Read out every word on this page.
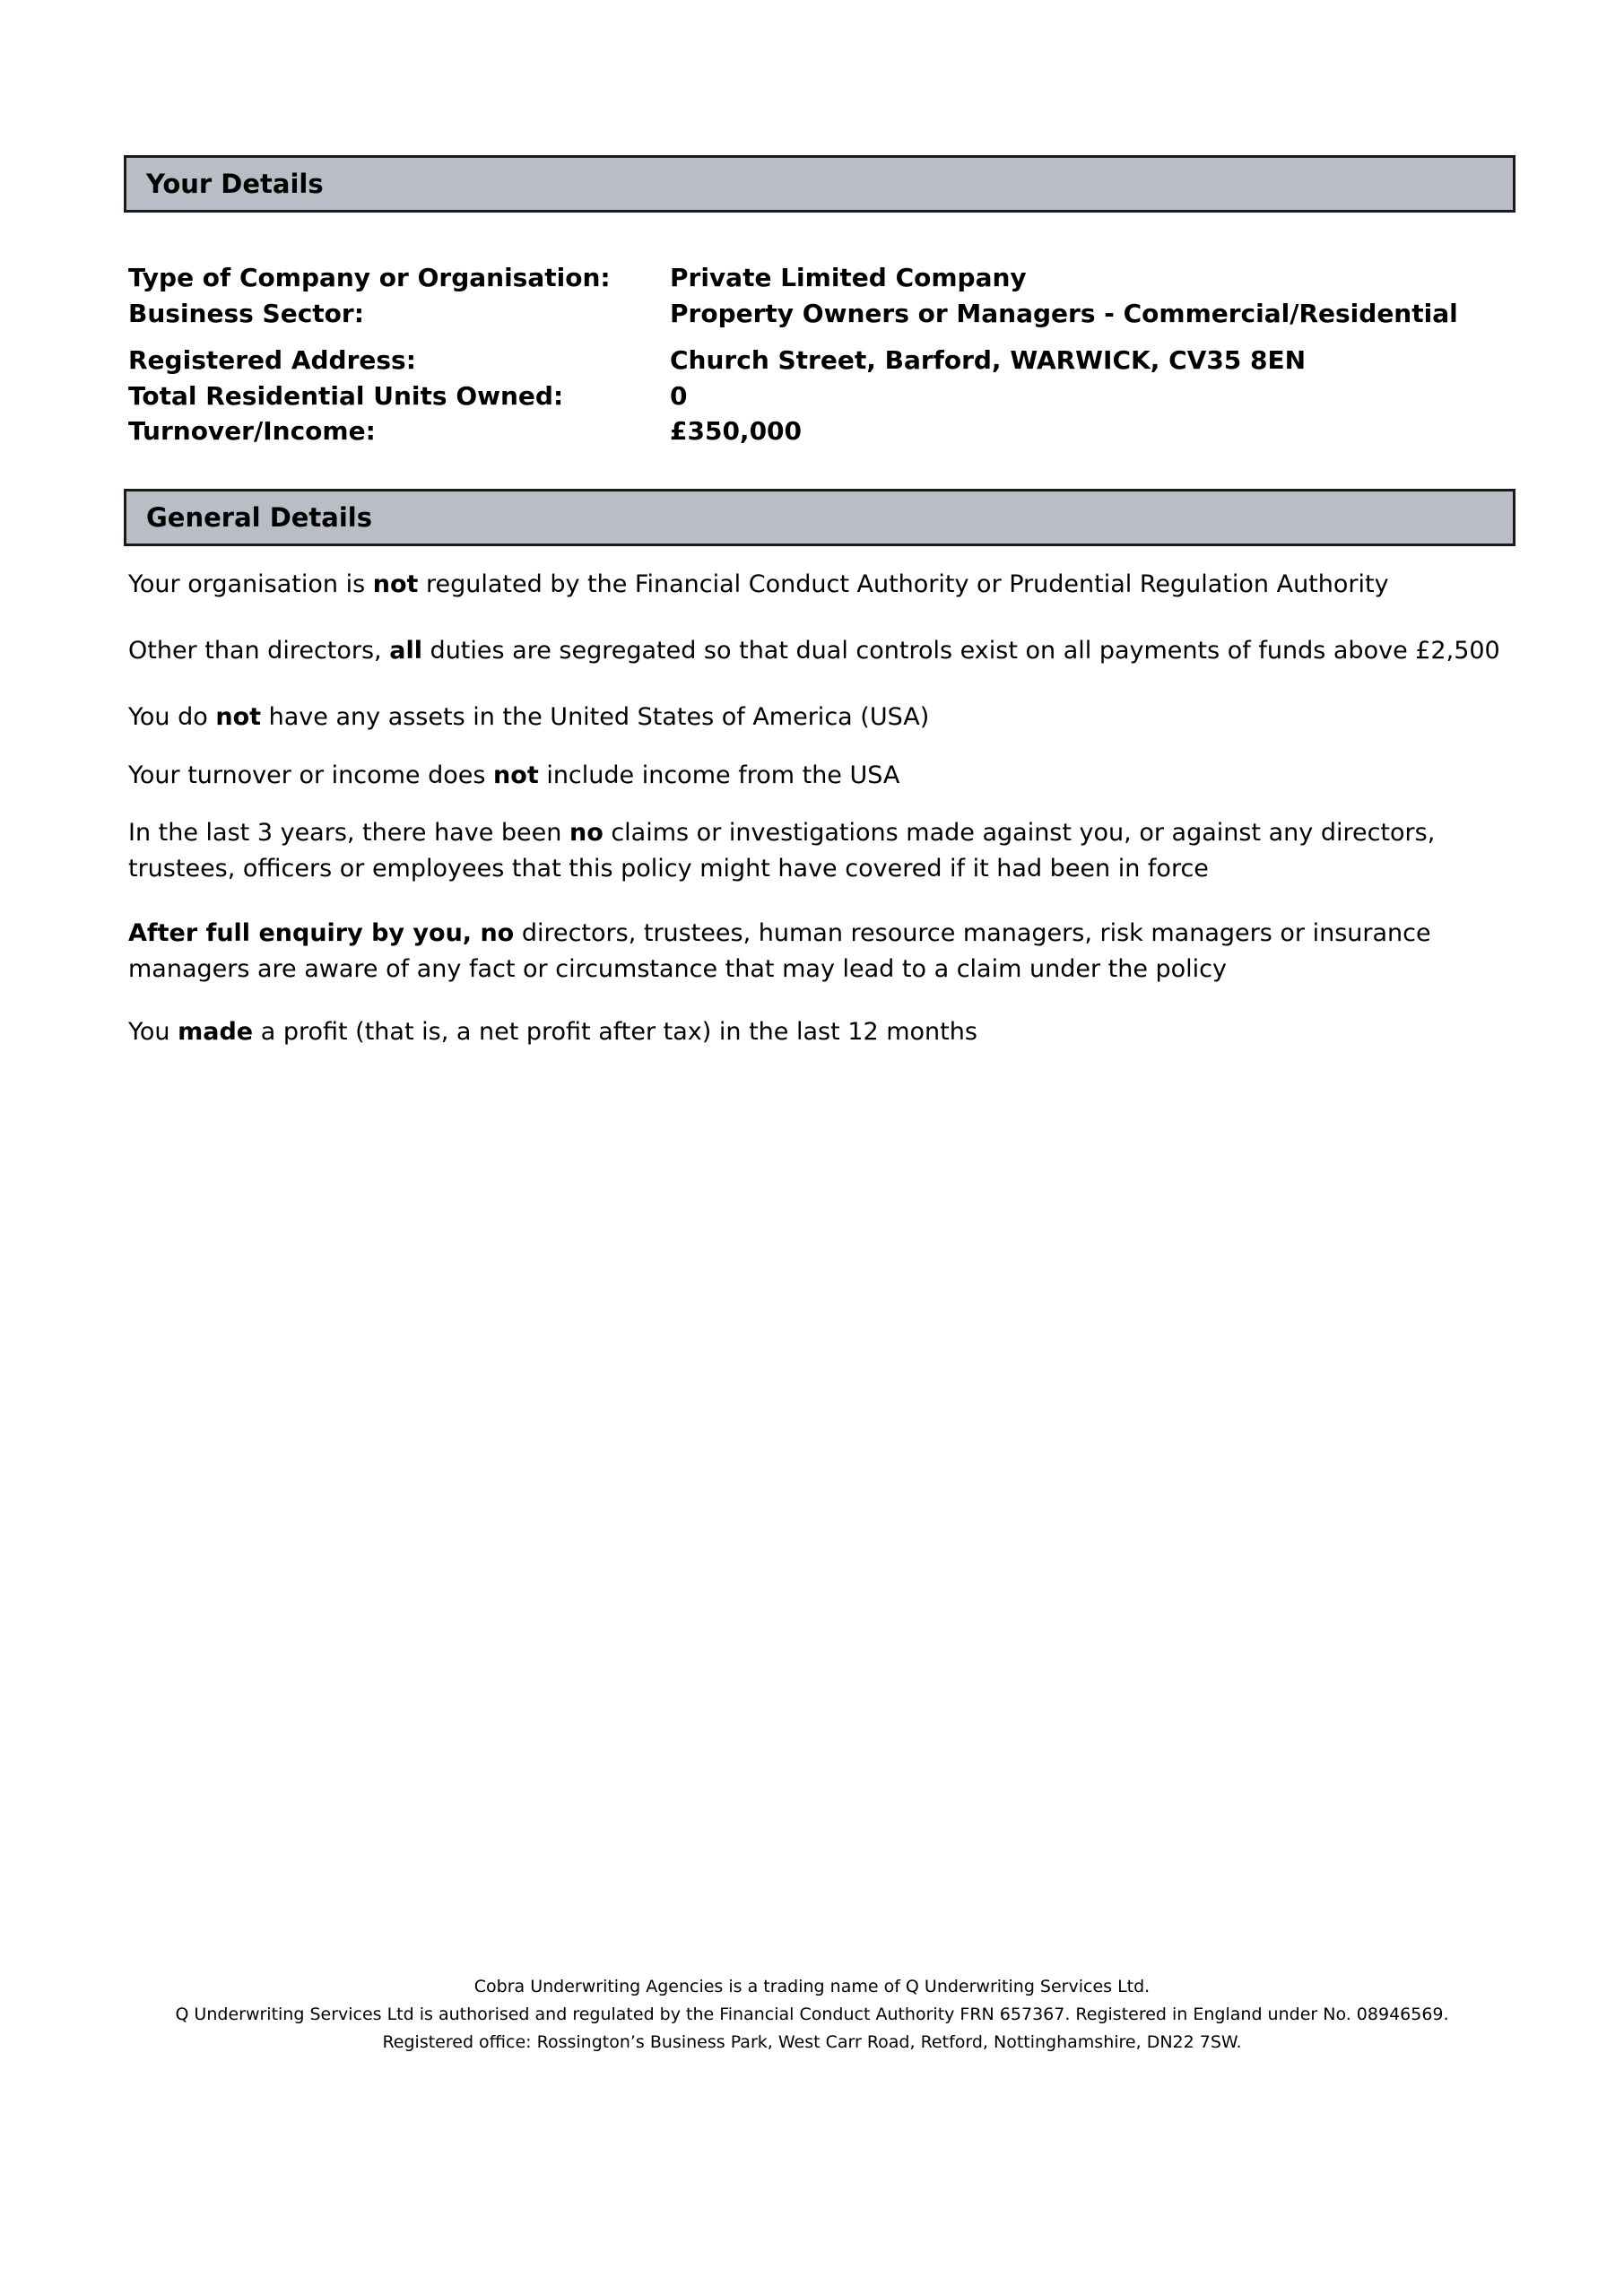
Your Details
Type of Company or Organisation: Private Limited Company
Business Sector:	Property Owners or Managers - Commercial/Residential
Registered Address:	Church Street, Barford, WARWICK, CV35 8EN
Total Residential Units Owned:	0
Turnover/Income:	£350,000
General Details
Your organisation is not regulated by the Financial Conduct Authority or Prudential Regulation Authority
Other than directors, all duties are segregated so that dual controls exist on all payments of funds above £2,500
You do not have any assets in the United States of America (USA)
Your turnover or income does not include income from the USA
In the last 3 years, there have been no claims or investigations made against you, or against any directors, trustees, officers or employees that this policy might have covered if it had been in force
After full enquiry by you, no directors, trustees, human resource managers, risk managers or insurance managers are aware of any fact or circumstance that may lead to a claim under the policy
You made a profit (that is, a net profit after tax) in the last 12 months
Cobra Underwriting Agencies is a trading name of Q Underwriting Services Ltd.
Q Underwriting Services Ltd is authorised and regulated by the Financial Conduct Authority FRN 657367. Registered in England under No. 08946569.
Registered office: Rossington’s Business Park, West Carr Road, Retford, Nottinghamshire, DN22 7SW.
